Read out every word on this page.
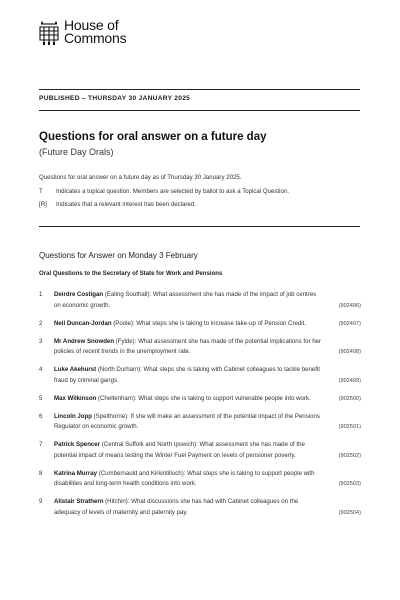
House of
Commons
PUBLISHED – THURSDAY 30 JANUARY 2025
Questions for oral answer on a future day
(Future Day Orals)
Questions for oral answer on a future day as of Thursday 30 January 2025.
T Indicates a topical question. Members are selected by ballot to ask a Topical Question.
[R] Indicates that a relevant interest has been declared.
Questions for Answer on Monday 3 February
Oral Questions to the Secretary of State for Work and Pensions
1	Deirdre Costigan (Ealing Southall): What assessment she has made of the impact of job centres on economic growth.	(902496)
2	Neil Duncan-Jordan (Poole): What steps she is taking to increase take-up of Pension Credit.	(902497)
3	Mr Andrew Snowden (Fylde): What assessment she has made of the potential implications for her policies of recent trends in the unemployment rate.	(902498)
4	Luke Akehurst (North Durham): What steps she is taking with Cabinet colleagues to tackle benefit fraud by criminal gangs.	(902499)
5	Max Wilkinson (Cheltenham): What steps she is taking to support vulnerable people into work.	(902500)
6	Lincoln Jopp (Spelthorne): If she will make an assessment of the potential impact of the Pensions Regulator on economic growth.	(902501)
7	Patrick Spencer (Central Suffolk and North Ipswich): What assessment she has made of the potential impact of means testing the Winter Fuel Payment on levels of pensioner poverty.	(902502)
8	Katrina Murray (Cumbernauld and Kirkintilloch): What steps she is taking to support people with disabilities and long-term health conditions into work.	(902503)
9	Alistair Strathern (Hitchin): What discussions she has had with Cabinet colleagues on the adequacy of levels of maternity and paternity pay.	(902504)
